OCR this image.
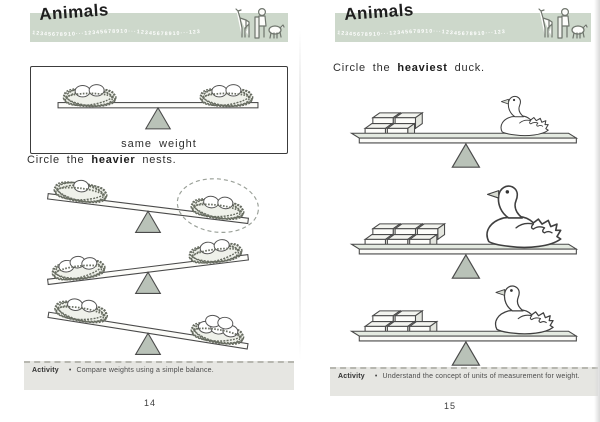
12345678910···12345678910···12345678910···123
Animals
same weight
Circle the heavier nests.
Activity • Compare weights using a simple balance.
14
12345678910···12345678910···12345678910···123
Animals
Circle the heaviest duck.
Activity • Understand the concept of units of measurement for weight.
15
